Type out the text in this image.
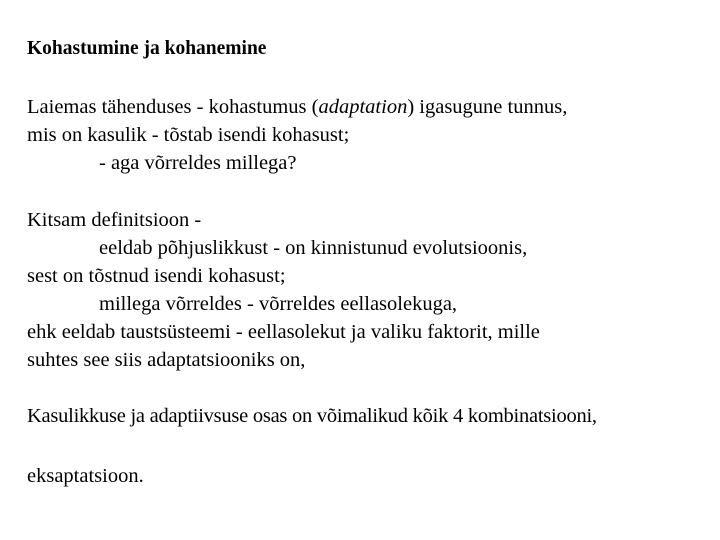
Kohastumine ja kohanemine
Laiemas tähenduses - kohastumus (adaptation) igasugune tunnus,
mis on kasulik - tõstab isendi kohasust;
- aga võrreldes millega?
Kitsam definitsioon -
eeldab põhjuslikkust - on kinnistunud evolutsioonis,
sest on tõstnud isendi kohasust;
millega võrreldes - võrreldes eellasolekuga,
ehk eeldab taustsüsteemi - eellasolekut ja valiku faktorit, mille
suhtes see siis adaptatsiooniks on,
Kasulikkuse ja adaptiivsuse osas on võimalikud kõik 4 kombinatsiooni,
eksaptatsioon.
